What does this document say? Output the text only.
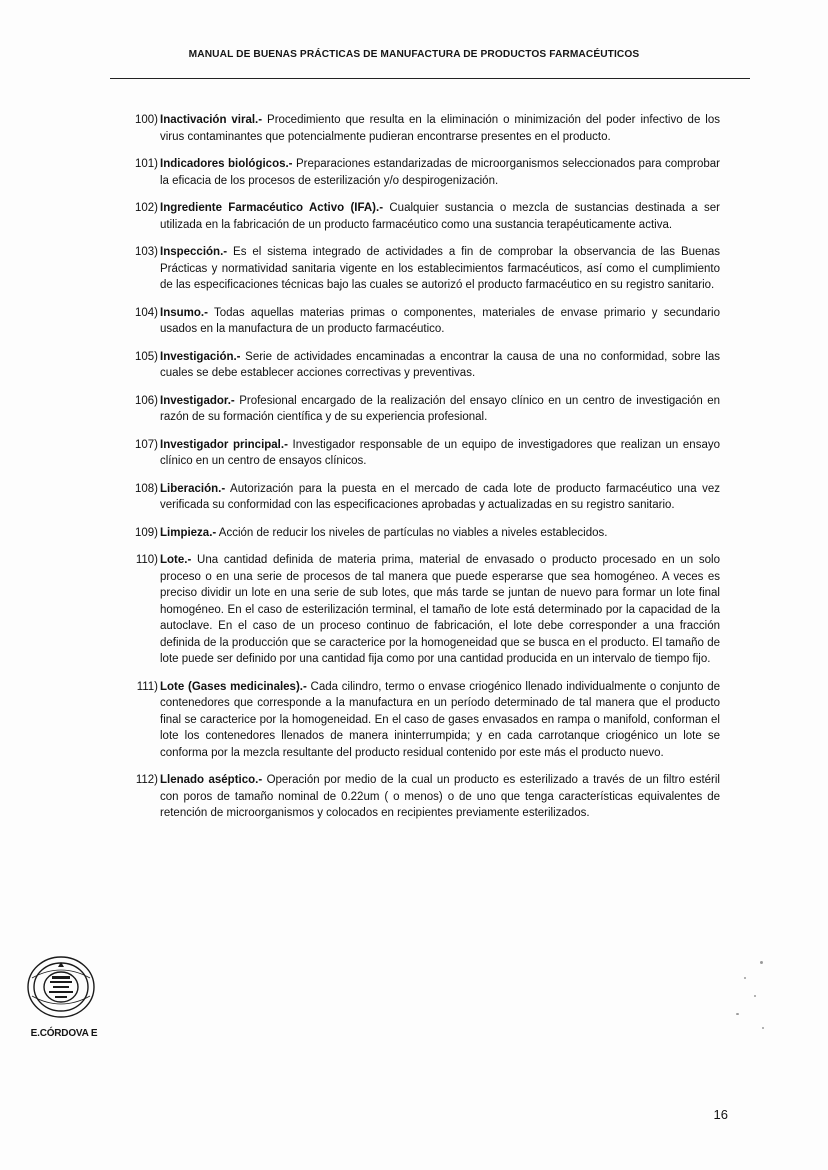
MANUAL DE BUENAS PRÁCTICAS DE MANUFACTURA DE PRODUCTOS FARMACÉUTICOS
100) Inactivación viral.- Procedimiento que resulta en la eliminación o minimización del poder infectivo de los virus contaminantes que potencialmente pudieran encontrarse presentes en el producto.
101) Indicadores biológicos.- Preparaciones estandarizadas de microorganismos seleccionados para comprobar la eficacia de los procesos de esterilización y/o despirogenización.
102) Ingrediente Farmacéutico Activo (IFA).- Cualquier sustancia o mezcla de sustancias destinada a ser utilizada en la fabricación de un producto farmacéutico como una sustancia terapéuticamente activa.
103) Inspección.- Es el sistema integrado de actividades a fin de comprobar la observancia de las Buenas Prácticas y normatividad sanitaria vigente en los establecimientos farmacéuticos, así como el cumplimiento de las especificaciones técnicas bajo las cuales se autorizó el producto farmacéutico en su registro sanitario.
104) Insumo.- Todas aquellas materias primas o componentes, materiales de envase primario y secundario usados en la manufactura de un producto farmacéutico.
105) Investigación.- Serie de actividades encaminadas a encontrar la causa de una no conformidad, sobre las cuales se debe establecer acciones correctivas y preventivas.
106) Investigador.- Profesional encargado de la realización del ensayo clínico en un centro de investigación en razón de su formación científica y de su experiencia profesional.
107) Investigador principal.- Investigador responsable de un equipo de investigadores que realizan un ensayo clínico en un centro de ensayos clínicos.
108) Liberación.- Autorización para la puesta en el mercado de cada lote de producto farmacéutico una vez verificada su conformidad con las especificaciones aprobadas y actualizadas en su registro sanitario.
109) Limpieza.- Acción de reducir los niveles de partículas no viables a niveles establecidos.
110) Lote.- Una cantidad definida de materia prima, material de envasado o producto procesado en un solo proceso o en una serie de procesos de tal manera que puede esperarse que sea homogéneo. A veces es preciso dividir un lote en una serie de sub lotes, que más tarde se juntan de nuevo para formar un lote final homogéneo. En el caso de esterilización terminal, el tamaño de lote está determinado por la capacidad de la autoclave. En el caso de un proceso continuo de fabricación, el lote debe corresponder a una fracción definida de la producción que se caracterice por la homogeneidad que se busca en el producto. El tamaño de lote puede ser definido por una cantidad fija como por una cantidad producida en un intervalo de tiempo fijo.
111) Lote (Gases medicinales).- Cada cilindro, termo o envase criogénico llenado individualmente o conjunto de contenedores que corresponde a la manufactura en un período determinado de tal manera que el producto final se caracterice por la homogeneidad. En el caso de gases envasados en rampa o manifold, conforman el lote los contenedores llenados de manera ininterrumpida; y en cada carrotanque criogénico un lote se conforma por la mezcla resultante del producto residual contenido por este más el producto nuevo.
112) Llenado aséptico.- Operación por medio de la cual un producto es esterilizado a través de un filtro estéril con poros de tamaño nominal de 0.22um ( o menos) o de uno que tenga características equivalentes de retención de microorganismos y colocados en recipientes previamente esterilizados.
E.CÓRDOVA E
16
